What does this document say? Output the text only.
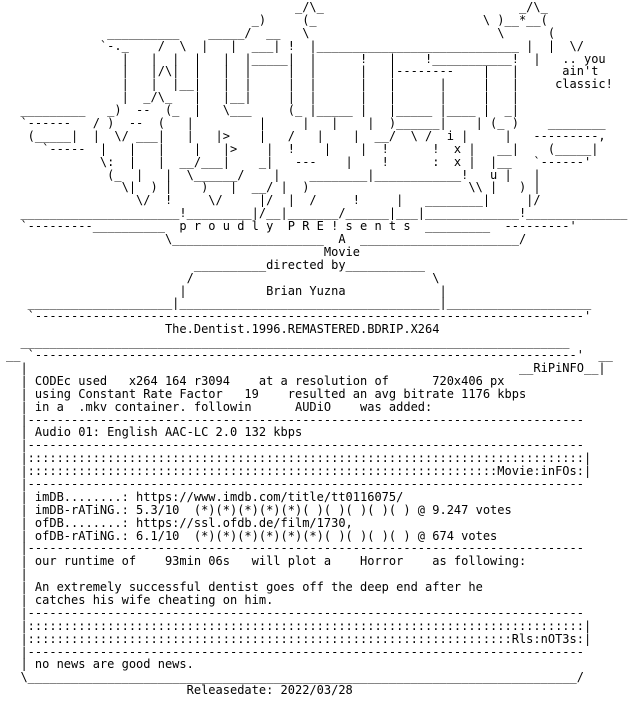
_/\_                           _/\_
_)     (_                       \ )__*__(
__________    _____/  __   \                          \      (
`-._    /  \  |   |  ___| !  |____________________________ |  |  \/
|   |  |  |   |  |_____|  |      !   |    !___________!  |   .. you
|   |/\|  |   |  |     |  |      |   |--------    |   |      ain't
|   |  |__|   |  |     |  |      |   |      |     |   |     classic!
|  _/\_   |   |__|     |  |      |   |      |     |   |
_________   _)  --  (_  |   \___     (_ |_____ |   |_____ |____ |  _|
`------   / )  --  (   |         |     |   |    |  )______|    | (_ )    ________
(_____|  |  \/ ___|   |   |>    |   /   |    |  __/  \ /  i |     |   ---------,
`-----  |   |   |    |   |>    |  !    |    |  !      !  x |   __|    (_____|
\:  |   |  __/___|    _|   ---    |    !      :  x |  |__   `------'
(_  |   |  \______/    |    ________|____________!   u |   |
\|  ) |    )   |  __/ |  )                      \\ |   ) |
\/  !     \/     |/  |  /     !     |   ________|     |/
______________________!_________|/__|_______/______|___|_____________!______________
`---------__________  p r o u d l y  P R E ! s e n t s  _________  ---------'
\_____________________  A  ______________________/
Movie
__________directed by___________
/                                 \
|           Brian Yuzna             |
____________________|____________________________________|____________________
`----------------------------------------------------------------------------'
The.Dentist.1996.REMASTERED.BDRIP.X264
____________________________________________________________________________
__ `---------------------------------------------------------------------------'  __
|                                                                    __RiPiNFO__|
| CODEc used   x264 164 r3094    at a resolution of      720x406 px
| using Constant Rate Factor   19    resulted an avg bitrate 1176 kbps
| in a  .mkv container. followin      AUDiO    was added:
|-----------------------------------------------------------------------------
| Audio 01: English AAC-LC 2.0 132 kbps
|-----------------------------------------------------------------------------
|:::::::::::::::::::::::::::::::::::::::::::::::::::::::::::::::::::::::::::::|
|:::::::::::::::::::::::::::::::::::::::::::::::::::::::::::::::::Movie:inFOs:|
|-----------------------------------------------------------------------------
| imDB........: https://www.imdb.com/title/tt0116075/
| imDB-rATiNG.: 5.3/10  (*)(*)(*)(*)(*)( )( )( )( )( ) @ 9.247 votes
| ofDB........: https://ssl.ofdb.de/film/1730,
| ofDB-rATiNG.: 6.1/10  (*)(*)(*)(*)(*)(*)( )( )( )( ) @ 674 votes
|-----------------------------------------------------------------------------
| our runtime of    93min 06s   will plot a    Horror    as following:
|
| An extremely successful dentist goes off the deep end after he
| catches his wife cheating on him.
|-----------------------------------------------------------------------------
|:::::::::::::::::::::::::::::::::::::::::::::::::::::::::::::::::::::::::::::|
|:::::::::::::::::::::::::::::::::::::::::::::::::::::::::::::::::::Rls:nOT3s:|
|-----------------------------------------------------------------------------
| no news are good news.
\____________________________________________________________________________/
Releasedate: 2022/03/28
